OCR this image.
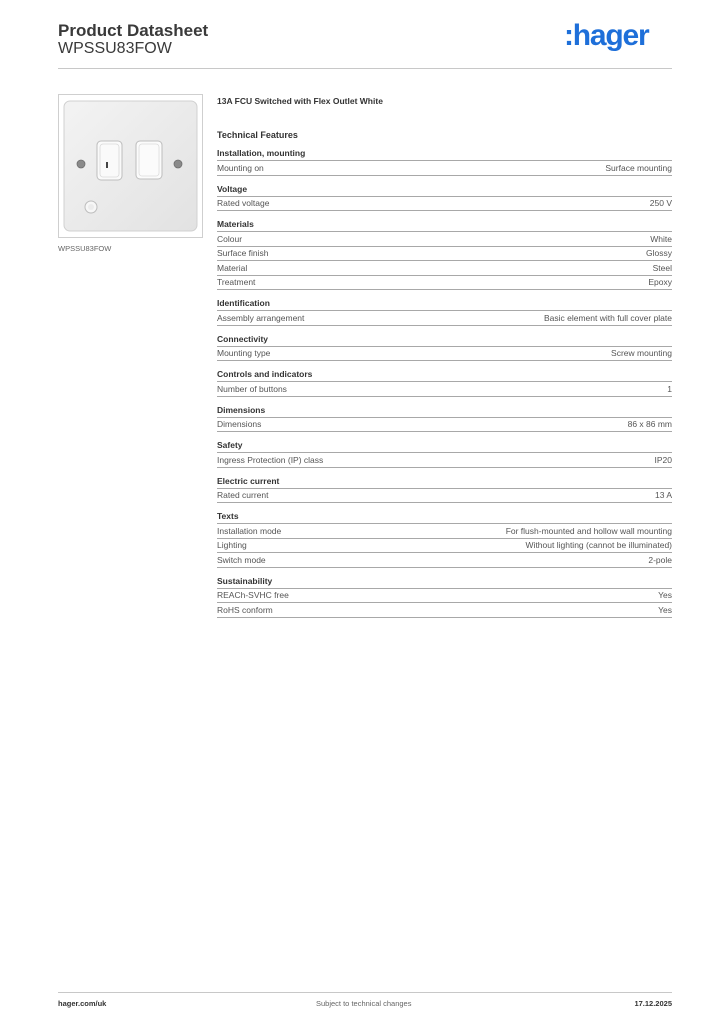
Product Datasheet
WPSSU83FOW	:hager
WPSSU83FOW
13A FCU Switched with Flex Outlet White
Technical Features
Installation, mounting
Mounting on	Surface mounting
Voltage
Rated voltage	250 V
Materials
Colour	White
Surface finish	Glossy
Material	Steel
Treatment	Epoxy
Identification
Assembly arrangement	Basic element with full cover plate
Connectivity
Mounting type	Screw mounting
Controls and indicators
Number of buttons	1
Dimensions
Dimensions	86 x 86 mm
Safety
Ingress Protection (IP) class	IP20
Electric current
Rated current	13 A
Texts
Installation mode	For flush-mounted and hollow wall mounting
Lighting	Without lighting (cannot be illuminated)
Switch mode	2-pole
Sustainability
REACh-SVHC free	Yes
RoHS conform	Yes
hager.com/uk	Subject to technical changes	17.12.2025
